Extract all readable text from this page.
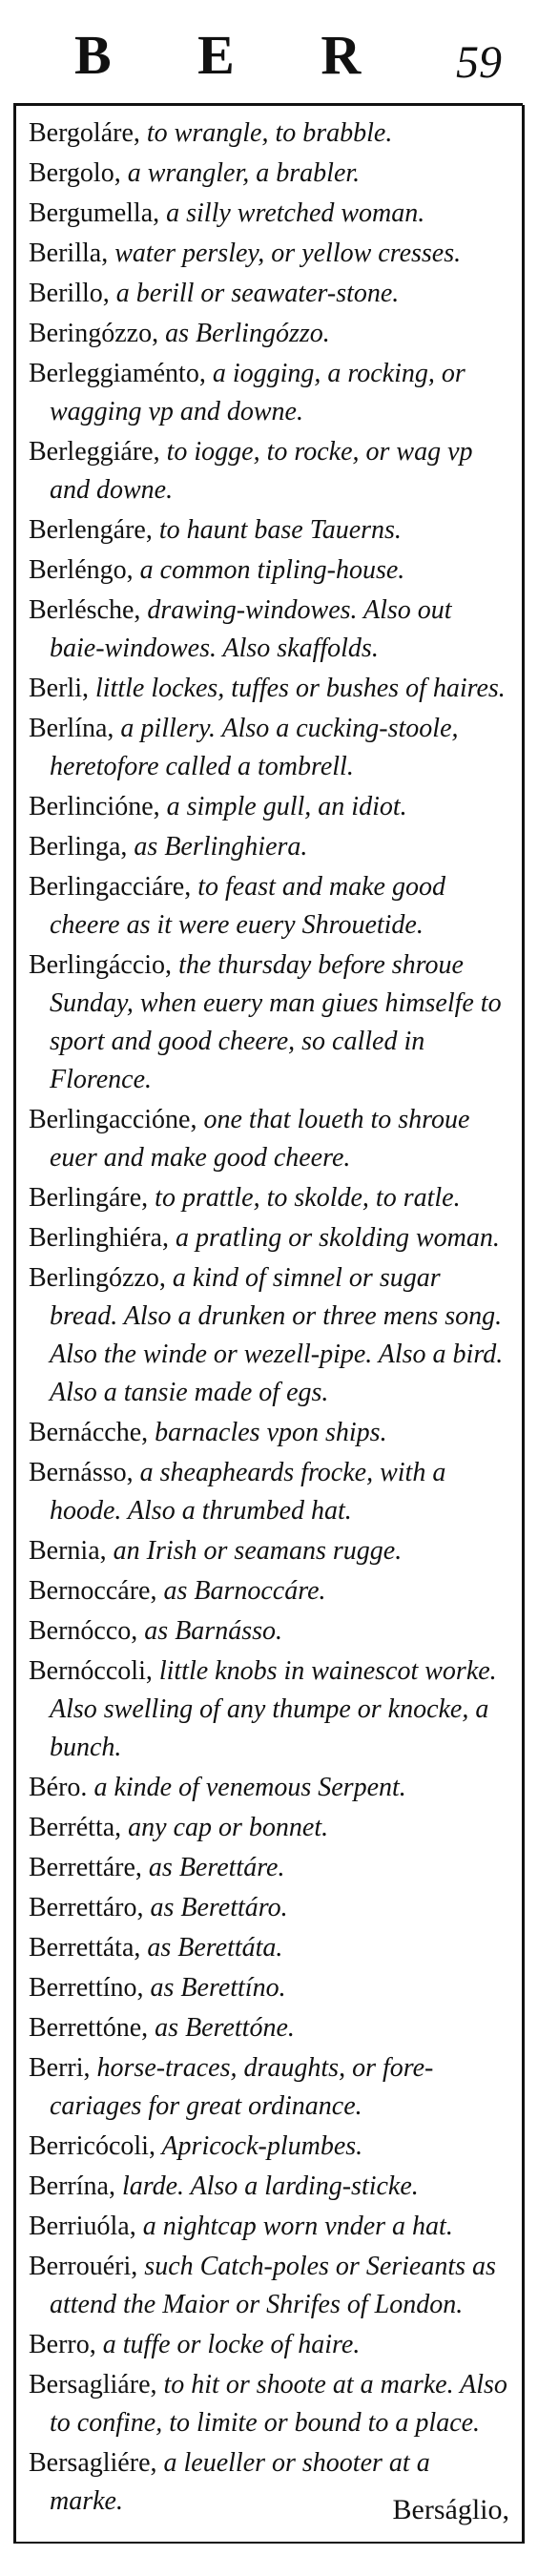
B E R 59
Bergoláre, to wrangle, to brabble.
Bergolo, a wrangler, a brabler.
Bergumella, a silly wretched woman.
Berilla, water persley, or yellow cresses.
Berillo, a berill or seawater-stone.
Beringózzo, as Berlingózzo.
Berleggiaménto, a iogging, a rocking, or wagging vp and downe.
Berleggiáre, to iogge, to rocke, or wag vp and downe.
Berlengáre, to haunt base Tauerns.
Berléngo, a common tipling-house.
Berlésche, drawing-windowes. Also out baie-windowes. Also skaffolds.
Berli, little lockes, tuffes or bushes of haires.
Berlína, a pillery. Also a cucking-stoole, heretofore called a tombrell.
Berlincióne, a simple gull, an idiot.
Berlinga, as Berlinghiera.
Berlingacciáre, to feast and make good cheere as it were euery Shrouetide.
Berlingáccio, the thursday before shroue Sunday, when euery man giues himselfe to sport and good cheere, so called in Florence.
Berlingaccióne, one that loueth to shroue euer and make good cheere.
Berlingáre, to prattle, to skolde, to ratle.
Berlinghiéra, a pratling or skolding woman.
Berlingózzo, a kind of simnel or sugar bread. Also a drunken or three mens song. Also the winde or wezell-pipe. Also a bird. Also a tansie made of egs.
Bernácche, barnacles vpon ships.
Bernásso, a sheapheards frocke, with a hoode. Also a thrumbed hat.
Bernia, an Irish or seamans rugge.
Bernoccáre, as Barnoccáre.
Bernócco, as Barnásso.
Bernóccoli, little knobs in wainescot worke. Also swelling of any thumpe or knocke, a bunch.
Béro. a kinde of venemous Serpent.
Berrétta, any cap or bonnet.
Berrettáre, as Berettáre.
Berrettáro, as Berettáro.
Berrettáta, as Berettáta.
Berrettíno, as Berettíno.
Berrettóne, as Berettóne.
Berri, horse-traces, draughts, or fore-cariages for great ordinance.
Berricócoli, Apricock-plumbes.
Berrína, larde. Also a larding-sticke.
Berriuóla, a nightcap worn vnder a hat.
Berrouéri, such Catch-poles or Serieants as attend the Maior or Shrifes of London.
Berro, a tuffe or locke of haire.
Bersagliáre, to hit or shoote at a marke. Also to confine, to limite or bound to a place.
Bersagliére, a leueller or shooter at a marke.	Berságlio,
